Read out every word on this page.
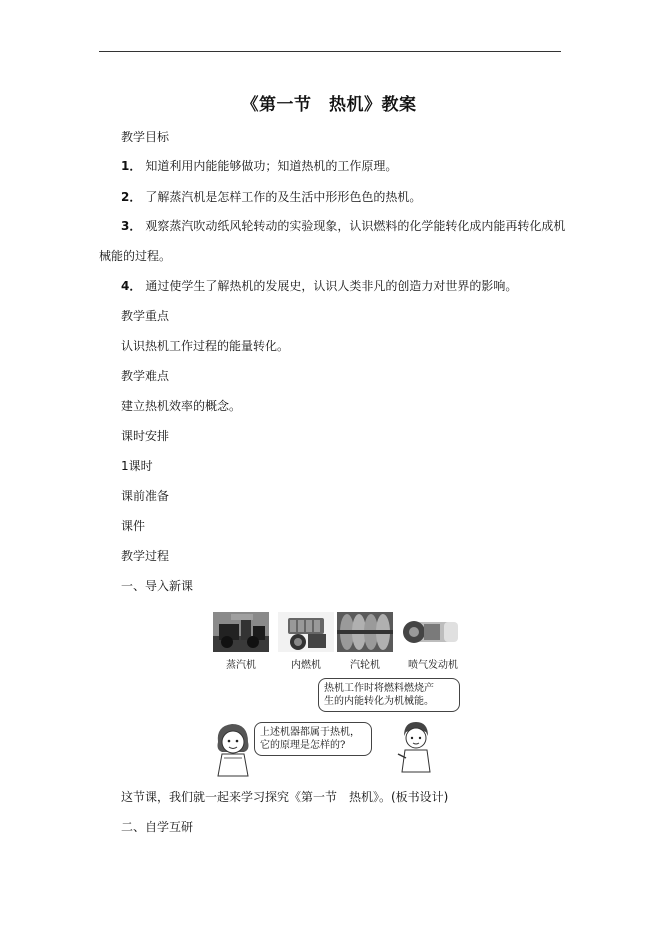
《第一节　热机》教案
教学目标
1． 知道利用内能能够做功；知道热机的工作原理。
2． 了解蒸汽机是怎样工作的及生活中形形色色的热机。
3． 观察蒸汽吹动纸风轮转动的实验现象，认识燃料的化学能转化成内能再转化成机
械能的过程。
4． 通过使学生了解热机的发展史，认识人类非凡的创造力对世界的影响。
教学重点
认识热机工作过程的能量转化。
教学难点
建立热机效率的概念。
课时安排
1课时
课前准备
课件
教学过程
一、导入新课
蒸汽机	内燃机	汽轮机	喷气发动机
热机工作时将燃料燃烧产
生的内能转化为机械能。
上述机器都属于热机，
它的原理是怎样的?
这节课，我们就一起来学习探究《第一节　热机》。(板书设计)
二、自学互研
